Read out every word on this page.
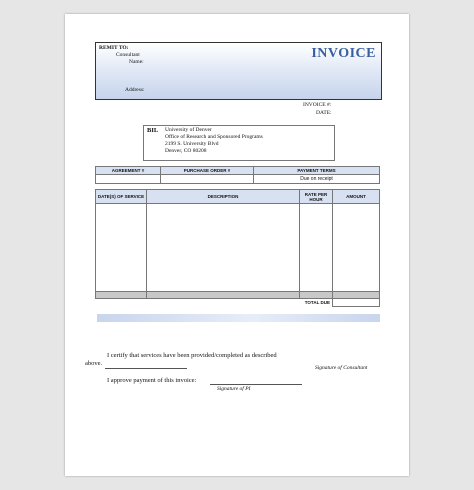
REMIT TO:
Consultant
Name:
Address:
INVOICE
INVOICE #:
DATE:
BIL University of Denver
Office of Research and Sponsored Programs
2199 S. University Blvd
Denver, CO 80208
AGREEMENT #	PURCHASE ORDER #	PAYMENT TERMS
		Due on receipt
DATE(S) OF SERVICE	DESCRIPTION	RATE PER HOUR	AMOUNT

		TOTAL DUE	
I certify that services have been provided/completed as described
above.
Signature of Consultant
I approve payment of this invoice:
Signature of PI
